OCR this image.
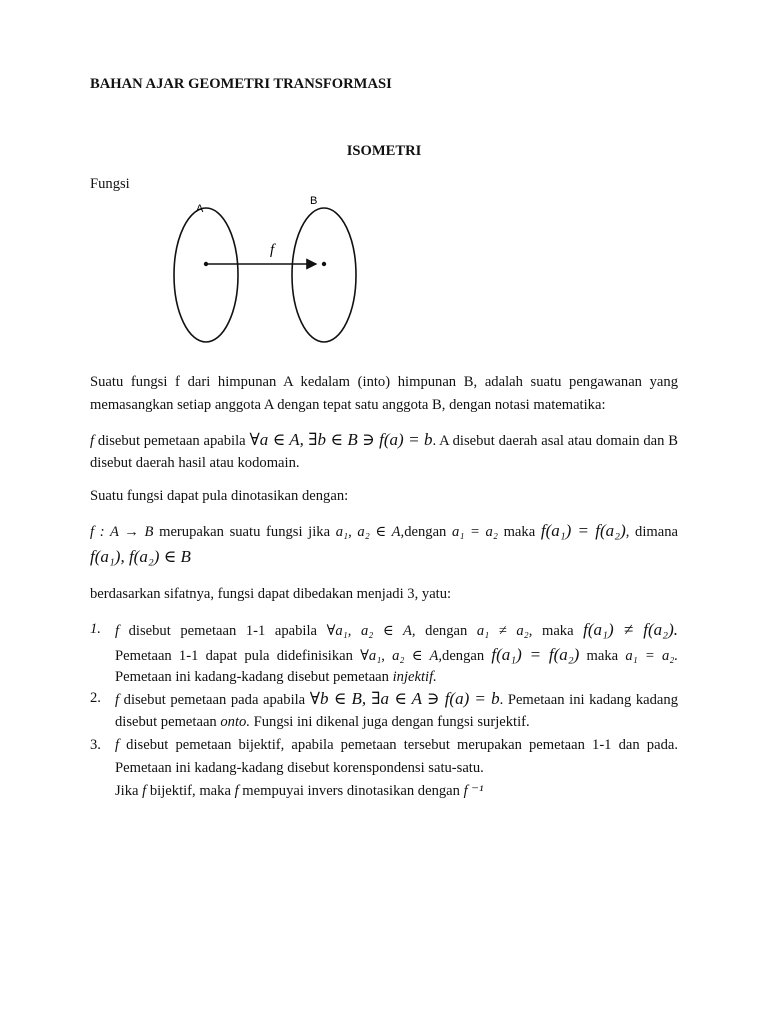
BAHAN AJAR GEOMETRI TRANSFORMASI
ISOMETRI
Fungsi
A
B
f
Suatu fungsi f dari himpunan A kedalam (into) himpunan B, adalah suatu pengawanan yang
memasangkan setiap anggota A dengan tepat satu anggota B, dengan notasi matematika:
f disebut pemetaan apabila ∀a ∈ A, ∃b ∈ B ∋ f(a) = b. A disebut daerah asal atau domain dan B
disebut daerah hasil atau kodomain.
Suatu fungsi dapat pula dinotasikan dengan:
f : A → B merupakan suatu fungsi jika a₁, a₂ ∈ A,dengan a₁ = a₂ maka f(a₁) = f(a₂), dimana
f(a₁), f(a₂) ∈ B
berdasarkan sifatnya, fungsi dapat dibedakan menjadi 3, yatu:
1. f disebut pemetaan 1-1 apabila ∀a₁, a₂ ∈ A, dengan a₁ ≠ a₂, maka f(a₁) ≠ f(a₂).
Pemetaan 1-1 dapat pula didefinisikan ∀a₁, a₂ ∈ A,dengan f(a₁) = f(a₂) maka a₁ = a₂.
Pemetaan ini kadang-kadang disebut pemetaan injektif.
2. f disebut pemetaan pada apabila ∀b ∈ B, ∃a ∈ A ∋ f(a) = b. Pemetaan ini kadang kadang
disebut pemetaan onto. Fungsi ini dikenal juga dengan fungsi surjektif.
3. f disebut pemetaan bijektif, apabila pemetaan tersebut merupakan pemetaan 1-1 dan pada.
Pemetaan ini kadang-kadang disebut korenspondensi satu-satu.
Jika f bijektif, maka f mempuyai invers dinotasikan dengan f ⁻¹
